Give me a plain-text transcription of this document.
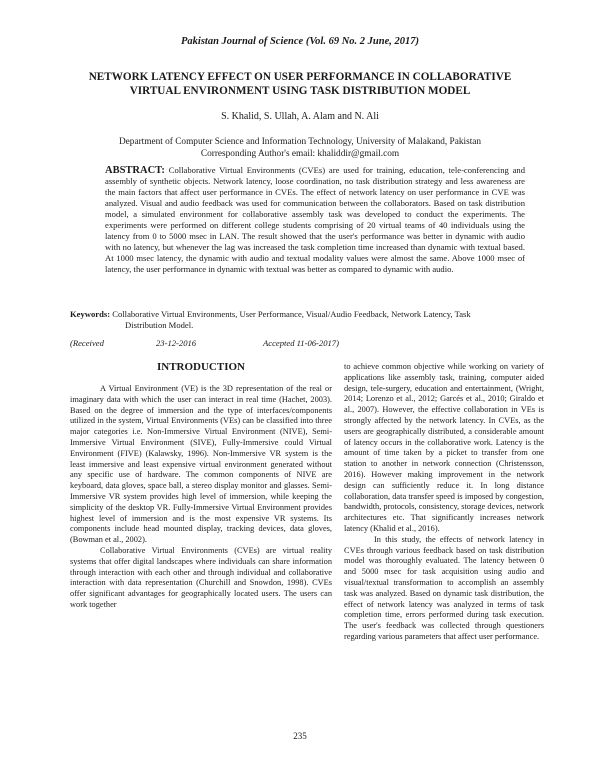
Pakistan Journal of Science (Vol. 69 No. 2 June, 2017)
NETWORK LATENCY EFFECT ON USER PERFORMANCE IN COLLABORATIVE
VIRTUAL ENVIRONMENT USING TASK DISTRIBUTION MODEL
S. Khalid, S. Ullah, A. Alam and N. Ali
Department of Computer Science and Information Technology, University of Malakand, Pakistan
Corresponding Author's email: khaliddir@gmail.com
ABSTRACT: Collaborative Virtual Environments (CVEs) are used for training, education, tele-conferencing and assembly of synthetic objects. Network latency, loose coordination, no task distribution strategy and less awareness are the main factors that affect user performance in CVEs. The effect of network latency on user performance in CVE was analyzed. Visual and audio feedback was used for communication between the collaborators. Based on task distribution model, a simulated environment for collaborative assembly task was developed to conduct the experiments. The experiments were performed on different college students comprising of 20 virtual teams of 40 individuals using the latency from 0 to 5000 msec in LAN. The result showed that the user's performance was better in dynamic with audio with no latency, but whenever the lag was increased the task completion time increased than dynamic with textual based. At 1000 msec latency, the dynamic with audio and textual modality values were almost the same. Above 1000 msec of latency, the user performance in dynamic with textual was better as compared to dynamic with audio.
Keywords: Collaborative Virtual Environments, User Performance, Visual/Audio Feedback, Network Latency, Task
Distribution Model.
(Received	23-12-2016	Accepted 11-06-2017)
INTRODUCTION

A Virtual Environment (VE) is the 3D representation of the real or imaginary data with which the user can interact in real time (Hachet, 2003). Based on the degree of immersion and the type of interfaces/components utilized in the system, Virtual Environments (VEs) can be classified into three major categories i.e. Non-Immersive Virtual Environment (NIVE), Semi-Immersive Virtual Environment (SIVE), Fully-Immersive could Virtual Environment (FIVE) (Kalawsky, 1996). Non-Immersive VR system is the least immersive and least expensive virtual environment generated without any specific use of hardware. The common components of NIVE are keyboard, data gloves, space ball, a stereo display monitor and glasses. Semi-Immersive VR system provides high level of immersion, while keeping the simplicity of the desktop VR. Fully-Immersive Virtual Environment provides highest level of immersion and is the most expensive VR systems. Its components include head mounted display, tracking devices, data gloves, (Bowman et al., 2002).

Collaborative Virtual Environments (CVEs) are virtual reality systems that offer digital landscapes where individuals can share information through interaction with each other and through individual and collaborative interaction with data representation (Churchill and Snowdon, 1998). CVEs offer significant advantages for geographically located users. The users can work together

to achieve common objective while working on variety of applications like assembly task, training, computer aided design, tele-surgery, education and entertainment, (Wright, 2014; Lorenzo et al., 2012; Garcés et al., 2010; Giraldo et al., 2007). However, the effective collaboration in VEs is strongly affected by the network latency. In CVEs, as the users are geographically distributed, a considerable amount of latency occurs in the collaborative work. Latency is the amount of time taken by a picket to transfer from one station to another in network connection (Christensson, 2016). However making improvement in the network design can sufficiently reduce it. In long distance collaboration, data transfer speed is imposed by congestion, bandwidth, protocols, consistency, storage devices, network architectures etc. That significantly increases network latency (Khalid et al., 2016).

In this study, the effects of network latency in CVEs through various feedback based on task distribution model was thoroughly evaluated. The latency between 0 and 5000 msec for task acquisition using audio and visual/textual transformation to accomplish an assembly task was analyzed. Based on dynamic task distribution, the effect of network latency was analyzed in terms of task completion time, errors performed during task execution. The user's feedback was collected through questioners regarding various parameters that affect user performance.

235
